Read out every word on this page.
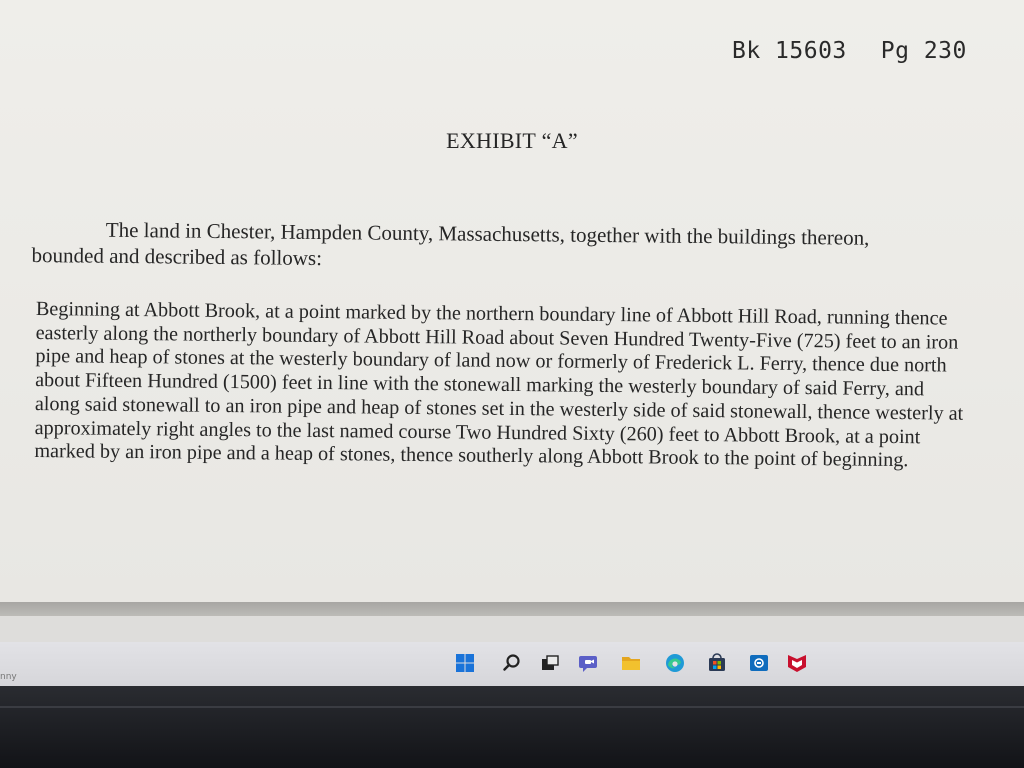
Bk 15603 Pg 230
EXHIBIT “A”
The land in Chester, Hampden County, Massachusetts, together with the buildings thereon, bounded and described as follows:
Beginning at Abbott Brook, at a point marked by the northern boundary line of Abbott Hill Road, running thence easterly along the northerly boundary of Abbott Hill Road about Seven Hundred Twenty-Five (725) feet to an iron pipe and heap of stones at the westerly boundary of land now or formerly of Frederick L. Ferry, thence due north about Fifteen Hundred (1500) feet in line with the stonewall marking the westerly boundary of said Ferry, and along said stonewall to an iron pipe and heap of stones set in the westerly side of said stonewall, thence westerly at approximately right angles to the last named course Two Hundred Sixty (260) feet to Abbott Brook, at a point marked by an iron pipe and a heap of stones, thence southerly along Abbott Brook to the point of beginning.
nny
